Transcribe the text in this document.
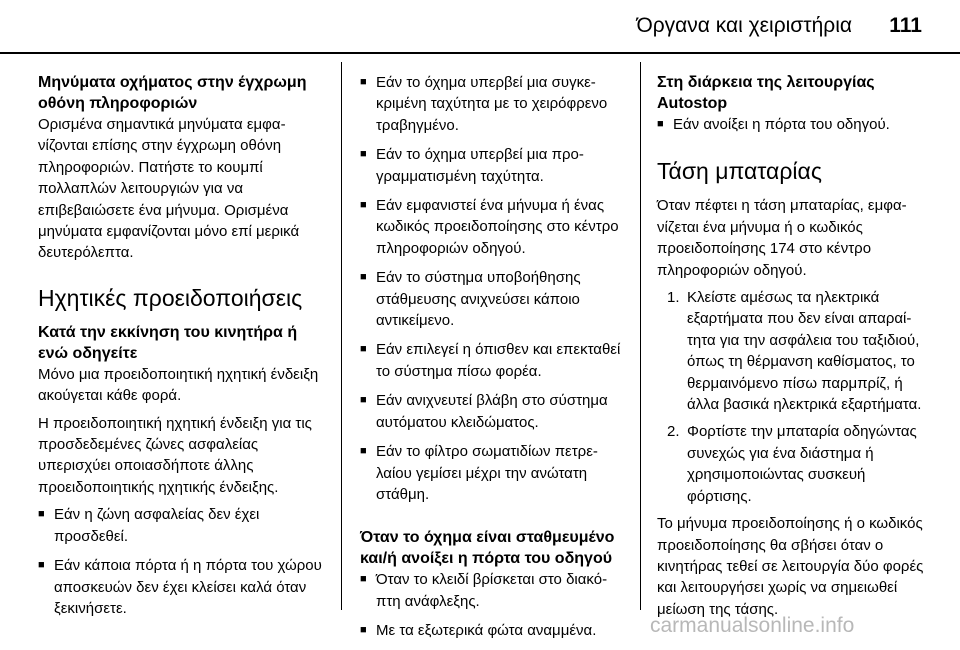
Όργανα και χειριστήρια 111
Μηνύματα οχήματος στην έγχρωμη οθόνη πληροφοριών

Ορισμένα σημαντικά μηνύματα εμφανίζονται επίσης στην έγχρωμη οθόνη πληροφοριών. Πατήστε το κουμπί πολλαπλών λειτουργιών για να επιβεβαιώσετε ένα μήνυμα. Ορισμένα μηνύματα εμφανίζονται μόνο επί μερικά δευτερόλεπτα.

Ηχητικές προειδοποιήσεις
Κατά την εκκίνηση του κινητήρα ή ενώ οδηγείτε

Μόνο μια προειδοποιητική ηχητική ένδειξη ακούγεται κάθε φορά.

Η προειδοποιητική ηχητική ένδειξη για τις προσδεδεμένες ζώνες ασφαλείας υπερισχύει οποιασδήποτε άλλης προειδοποιητικής ηχητικής ένδειξης.

■ Εάν η ζώνη ασφαλείας δεν έχει προσδεθεί.
■ Εάν κάποια πόρτα ή η πόρτα του χώρου αποσκευών δεν έχει κλείσει καλά όταν ξεκινήσετε.
■ Εάν το όχημα υπερβεί μια συγκεκριμένη ταχύτητα με το χειρόφρενο τραβηγμένο.
■ Εάν το όχημα υπερβεί μια προγραμματισμένη ταχύτητα.
■ Εάν εμφανιστεί ένα μήνυμα ή ένας κωδικός προειδοποίησης στο κέντρο πληροφοριών οδηγού.
■ Εάν το σύστημα υποβοήθησης στάθμευσης ανιχνεύσει κάποιο αντικείμενο.
■ Εάν επιλεγεί η όπισθεν και επεκταθεί το σύστημα πίσω φορέα.
■ Εάν ανιχνευτεί βλάβη στο σύστημα αυτόματου κλειδώματος.
■ Εάν το φίλτρο σωματιδίων πετρελαίου γεμίσει μέχρι την ανώτατη στάθμη.
Όταν το όχημα είναι σταθμευμένο και/ή ανοίξει η πόρτα του οδηγού
■ Όταν το κλειδί βρίσκεται στο διακόπτη ανάφλεξης.
■ Με τα εξωτερικά φώτα αναμμένα.
Στη διάρκεια της λειτουργίας Autostop
■ Εάν ανοίξει η πόρτα του οδηγού.
Τάση μπαταρίας

Όταν πέφτει η τάση μπαταρίας, εμφανίζεται ένα μήνυμα ή ο κωδικός προειδοποίησης 174 στο κέντρο πληροφοριών οδηγού.

1. Κλείστε αμέσως τα ηλεκτρικά εξαρτήματα που δεν είναι απαραίτητα για την ασφάλεια του ταξιδιού, όπως τη θέρμανση καθίσματος, το θερμαινόμενο πίσω παρμπρίζ, ή άλλα βασικά ηλεκτρικά εξαρτήματα.
2. Φορτίστε την μπαταρία οδηγώντας συνεχώς για ένα διάστημα ή χρησιμοποιώντας συσκευή φόρτισης.

Το μήνυμα προειδοποίησης ή ο κωδικός προειδοποίησης θα σβήσει όταν ο κινητήρας τεθεί σε λειτουργία δύο φορές και λειτουργήσει χωρίς να σημειωθεί μείωση της τάσης.

carmanualsonline.info
